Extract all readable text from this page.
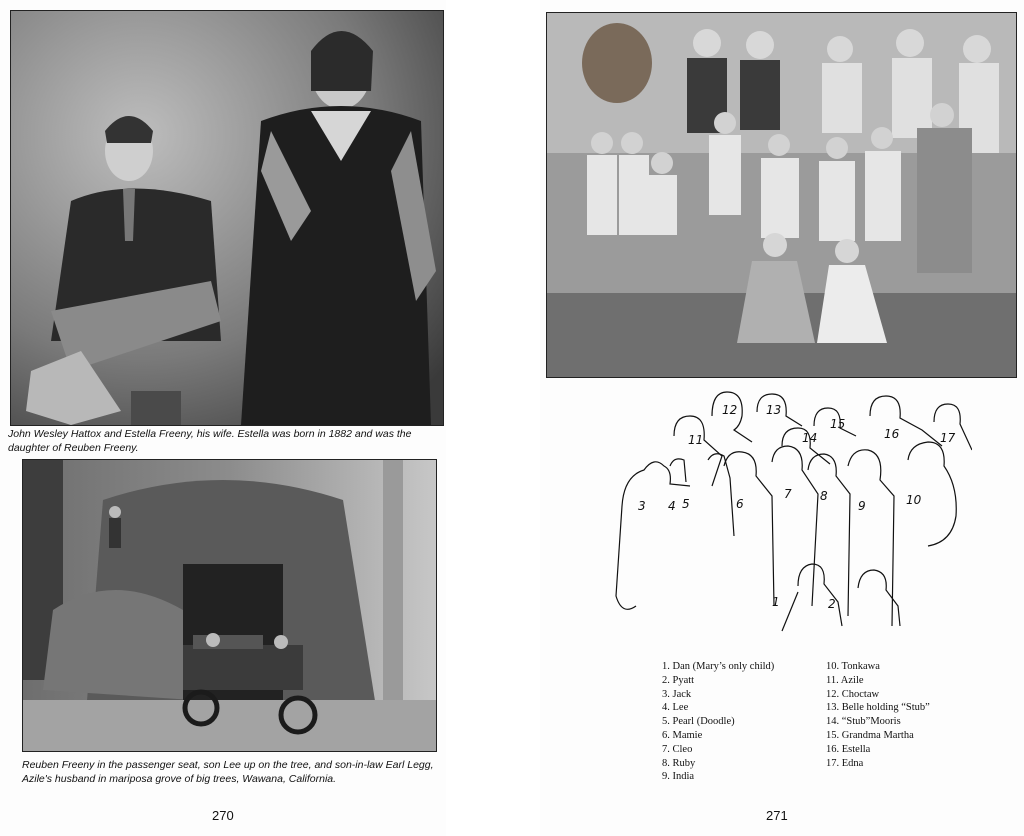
John Wesley Hattox and Estella Freeny, his wife. Estella was born in 1882 and was the daughter of Reuben Freeny.
Reuben Freeny in the passenger seat, son Lee up on the tree, and son-in-law Earl Legg, Azile's husband in mariposa grove of big trees, Wawana, California.
270
12 13
14
15
16	17
11
3 4 5	6
7 8
9	10
1	2
1. Dan (Mary’s only child)
2. Pyatt
3. Jack
4. Lee
5. Pearl (Doodle)
6. Mamie
7. Cleo
8. Ruby
9. India
10. Tonkawa
11. Azile
12. Choctaw
13. Belle holding “Stub”
14. “Stub”Mooris
15. Grandma Martha
16. Estella
17. Edna
271
